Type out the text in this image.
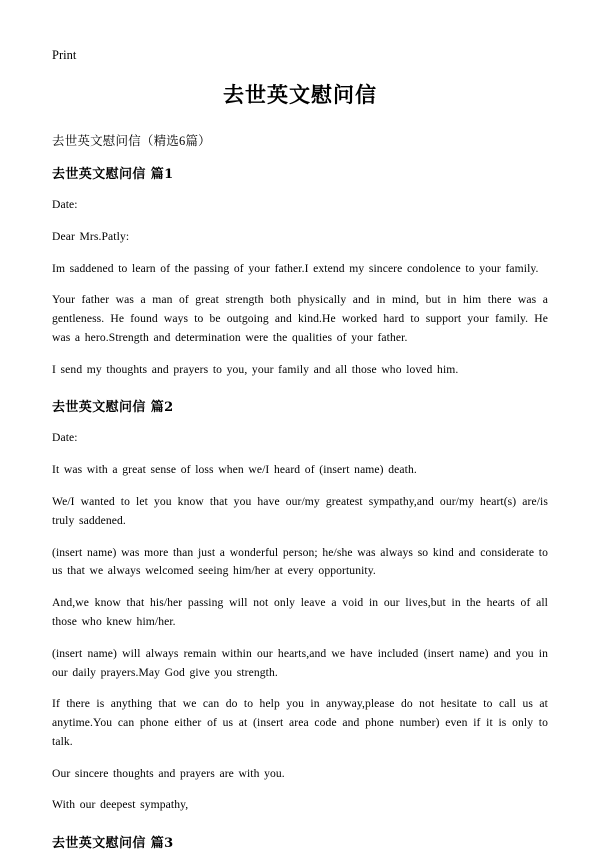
Print
去世英文慰问信
去世英文慰问信（精选6篇）
去世英文慰问信 篇1

Date:

Dear Mrs.Patly:

Im saddened to learn of the passing of your father.I extend my sincere condolence to your family.

Your father was a man of great strength both physically and in mind, but in him there was a gentleness. He found ways to be outgoing and kind.He worked hard to support your family. He was a hero.Strength and determination were the qualities of your father.

I send my thoughts and prayers to you, your family and all those who loved him.

去世英文慰问信 篇2

Date:

It was with a great sense of loss when we/I heard of (insert name) death.

We/I wanted to let you know that you have our/my greatest sympathy,and our/my heart(s) are/is truly saddened.

(insert name) was more than just a wonderful person; he/she was always so kind and considerate to us that we always welcomed seeing him/her at every opportunity.

And,we know that his/her passing will not only leave a void in our lives,but in the hearts of all those who knew him/her.

(insert name) will always remain within our hearts,and we have included (insert name) and you in our daily prayers.May God give you strength.

If there is anything that we can do to help you in anyway,please do not hesitate to call us at anytime.You can phone either of us at (insert area code and phone number) even if it is only to talk.

Our sincere thoughts and prayers are with you.

With our deepest sympathy,

去世英文慰问信 篇3
